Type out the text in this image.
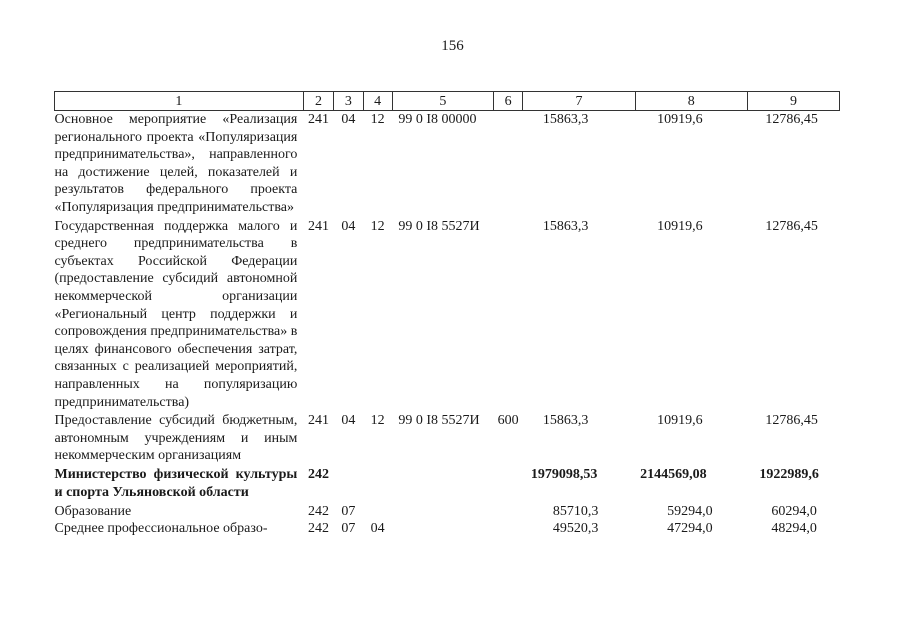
156
1	2	3	4	5	6	7	8	9
Основное мероприятие «Реализация регионального проекта «Популяризация предпринимательства», направленного на достижение целей, показателей и результатов федерального проекта «Популяризация предпринимательства»	241	04	12	99 0 I8 00000		15863,3	10919,6	12786,45
Государственная поддержка малого и среднего предпринимательства в субъектах Российской Федерации (предоставление субсидий автономной некоммерческой организации «Региональный центр поддержки и сопровождения предпринимательства» в целях финансового обеспечения затрат, связанных с реализацией мероприятий, направленных на популяризацию предпринимательства)	241	04	12	99 0 I8 5527И		15863,3	10919,6	12786,45
Предоставление субсидий бюджетным, автономным учреждениям и иным некоммерческим организациям	241	04	12	99 0 I8 5527И	600	15863,3	10919,6	12786,45
Министерство физической культуры и спорта Ульяновской области	242					1979098,53	2144569,08	1922989,6
Образование	242	07				85710,3	59294,0	60294,0
Среднее профессиональное образо-	242	07	04			49520,3	47294,0	48294,0
